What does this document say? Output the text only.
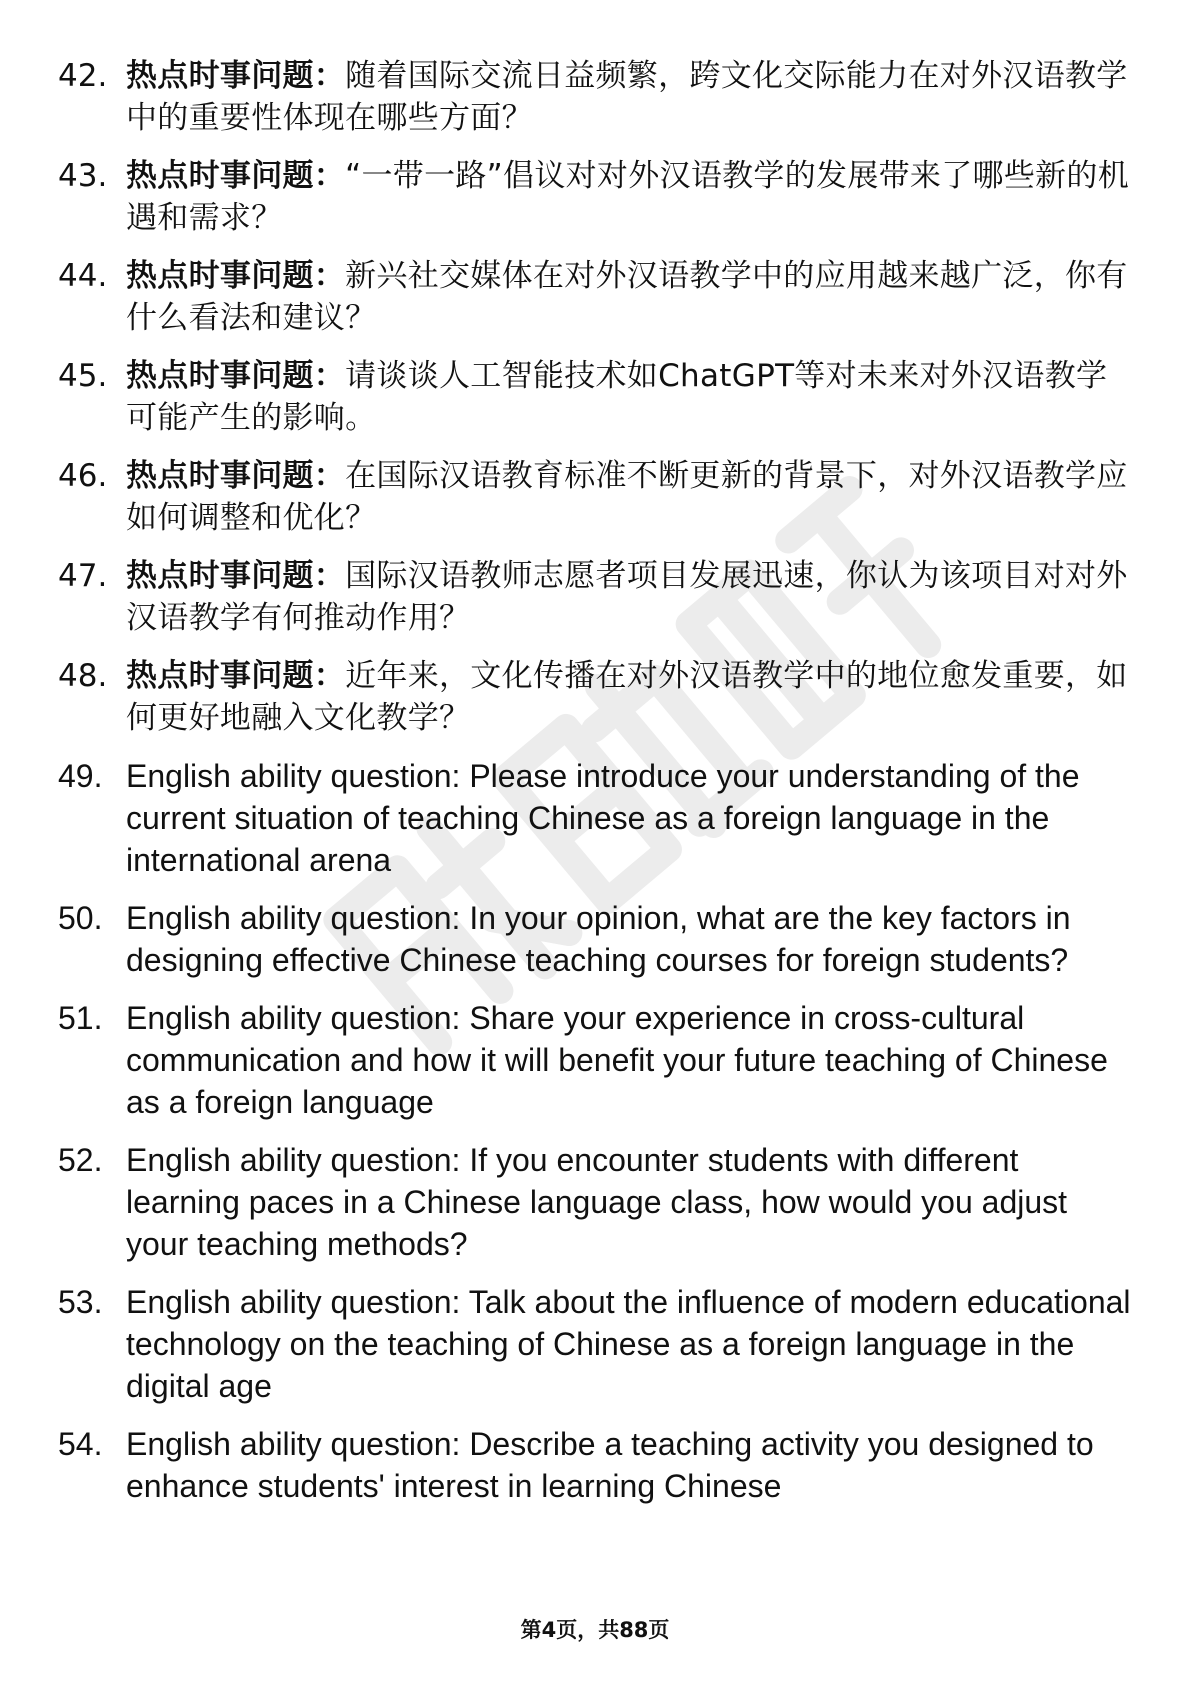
42. 热点时事问题：随着国际交流日益频繁，跨文化交际能力在对外汉语教学中的重要性体现在哪些方面？
43. 热点时事问题：“一带一路”倡议对对外汉语教学的发展带来了哪些新的机遇和需求？
44. 热点时事问题：新兴社交媒体在对外汉语教学中的应用越来越广泛，你有什么看法和建议？
45. 热点时事问题：请谈谈人工智能技术如ChatGPT等对未来对外汉语教学可能产生的影响。
46. 热点时事问题：在国际汉语教育标准不断更新的背景下，对外汉语教学应如何调整和优化？
47. 热点时事问题：国际汉语教师志愿者项目发展迅速，你认为该项目对对外汉语教学有何推动作用？
48. 热点时事问题：近年来，文化传播在对外汉语教学中的地位愈发重要，如何更好地融入文化教学？
49. English ability question: Please introduce your understanding of the current situation of teaching Chinese as a foreign language in the international arena
50. English ability question: In your opinion, what are the key factors in designing effective Chinese teaching courses for foreign students?
51. English ability question: Share your experience in cross-cultural communication and how it will benefit your future teaching of Chinese as a foreign language
52. English ability question: If you encounter students with different learning paces in a Chinese language class, how would you adjust your teaching methods?
53. English ability question: Talk about the influence of modern educational technology on the teaching of Chinese as a foreign language in the digital age
54. English ability question: Describe a teaching activity you designed to enhance students' interest in learning Chinese
第4页，共88页
